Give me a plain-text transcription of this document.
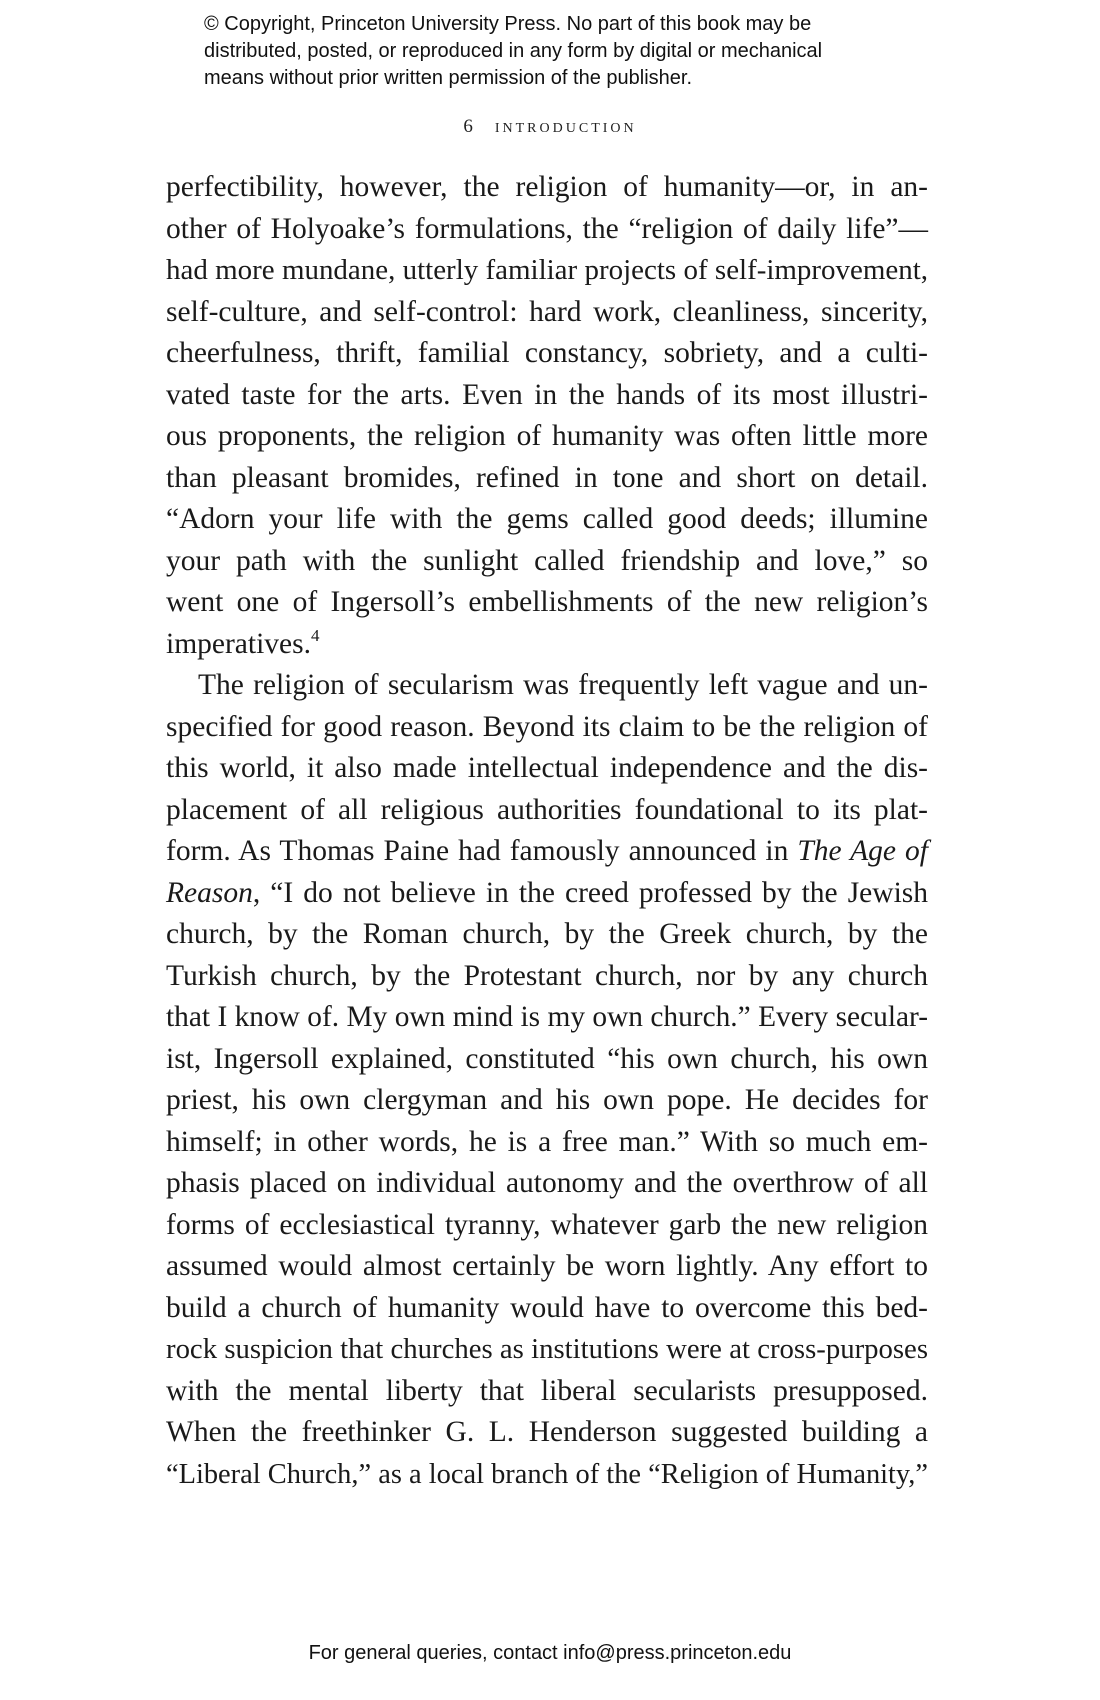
© Copyright, Princeton University Press. No part of this book may be
distributed, posted, or reproduced in any form by digital or mechanical
means without prior written permission of the publisher.
6 introduction
perfectibility, however, the religion of humanity—or, in an-
other of Holyoake’s formulations, the “religion of daily life”—
had more mundane, utterly familiar projects of self-improvement,
self-culture, and self-control: hard work, cleanliness, sincerity,
cheerfulness, thrift, familial constancy, sobriety, and a culti-
vated taste for the arts. Even in the hands of its most illustri-
ous proponents, the religion of humanity was often little more
than pleasant bromides, refined in tone and short on detail.
“Adorn your life with the gems called good deeds; illumine
your path with the sunlight called friendship and love,” so
went one of Ingersoll’s embellishments of the new religion’s
imperatives.$^4$
The religion of secularism was frequently left vague and un-
specified for good reason. Beyond its claim to be the religion of
this world, it also made intellectual independence and the dis-
placement of all religious authorities foundational to its plat-
form. As Thomas Paine had famously announced in The Age of
Reason, “I do not believe in the creed professed by the Jewish
church, by the Roman church, by the Greek church, by the
Turkish church, by the Protestant church, nor by any church
that I know of. My own mind is my own church.” Every secular-
ist, Ingersoll explained, constituted “his own church, his own
priest, his own clergyman and his own pope. He decides for
himself; in other words, he is a free man.” With so much em-
phasis placed on individual autonomy and the overthrow of all
forms of ecclesiastical tyranny, whatever garb the new religion
assumed would almost certainly be worn lightly. Any effort to
build a church of humanity would have to overcome this bed-
rock suspicion that churches as institutions were at cross-purposes
with the mental liberty that liberal secularists presupposed.
When the freethinker G. L. Henderson suggested building a
“Liberal Church,” as a local branch of the “Religion of Humanity,”
For general queries, contact info@press.princeton.edu
